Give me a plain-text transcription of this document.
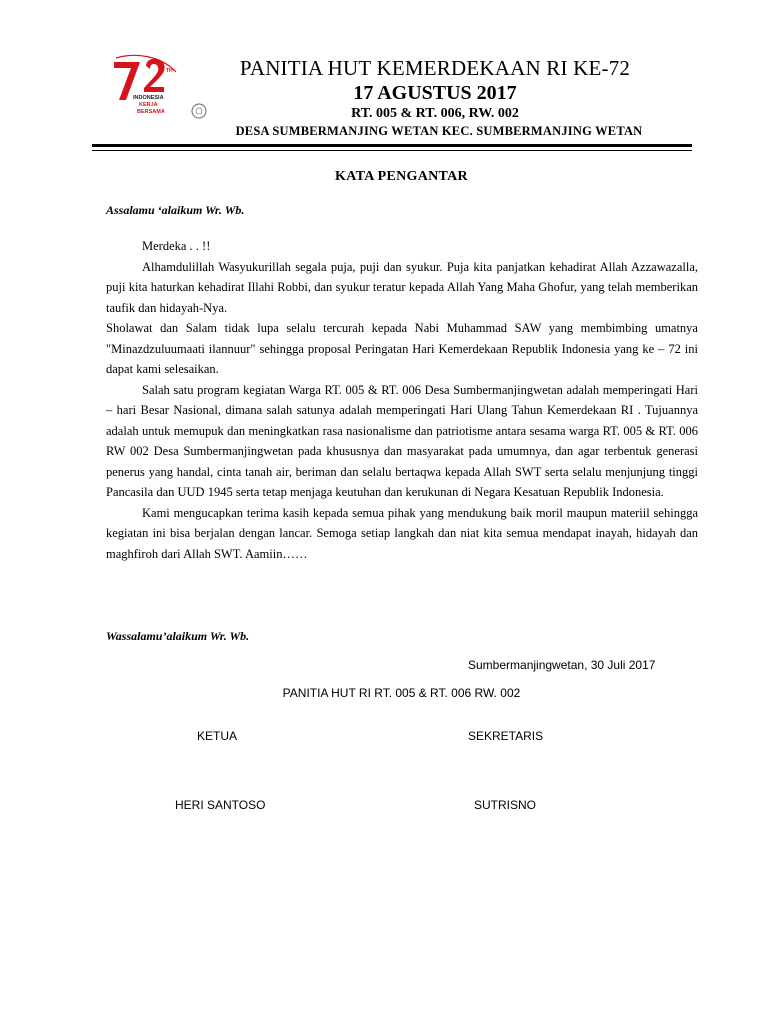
TH
INDONESIA
KERJA
BERSAMA
PANITIA HUT KEMERDEKAAN RI KE-72
17 AGUSTUS 2017
RT. 005 & RT. 006, RW. 002
DESA SUMBERMANJING WETAN KEC. SUMBERMANJING WETAN
KATA PENGANTAR
Assalamu ‘alaikum Wr. Wb.

Merdeka . . !!

Alhamdulillah Wasyukurillah segala puja, puji dan syukur. Puja kita panjatkan kehadirat Allah Azzawazalla, puji kita haturkan kehadirat Illahi Robbi, dan syukur teratur kepada Allah Yang Maha Ghofur, yang telah memberikan taufik dan hidayah-Nya.

Sholawat dan Salam tidak lupa selalu tercurah kepada Nabi Muhammad SAW yang membimbing umatnya "Minazdzuluumaati ilannuur" sehingga proposal Peringatan Hari Kemerdekaan Republik Indonesia yang ke – 72 ini dapat kami selesaikan.

Salah satu program kegiatan Warga RT. 005 & RT. 006 Desa Sumbermanjingwetan adalah memperingati Hari – hari Besar Nasional, dimana salah satunya adalah memperingati Hari Ulang Tahun Kemerdekaan RI . Tujuannya adalah untuk memupuk dan meningkatkan rasa nasionalisme dan patriotisme antara sesama warga RT. 005 & RT. 006 RW 002 Desa Sumbermanjingwetan pada khususnya dan masyarakat pada umumnya, dan agar terbentuk generasi penerus yang handal, cinta tanah air, beriman dan selalu bertaqwa kepada Allah SWT serta selalu menjunjung tinggi Pancasila dan UUD 1945 serta tetap menjaga keutuhan dan kerukunan di Negara Kesatuan Republik Indonesia.

Kami mengucapkan terima kasih kepada semua pihak yang mendukung baik moril maupun materiil sehingga kegiatan ini bisa berjalan dengan lancar. Semoga setiap langkah dan niat kita semua mendapat inayah, hidayah dan maghfiroh dari Allah SWT. Aamiin……

Wassalamu’alaikum Wr. Wb.
Sumbermanjingwetan, 30 Juli 2017
PANITIA HUT RI RT. 005 & RT. 006 RW. 002
KETUA	SEKRETARIS
HERI SANTOSO	SUTRISNO
